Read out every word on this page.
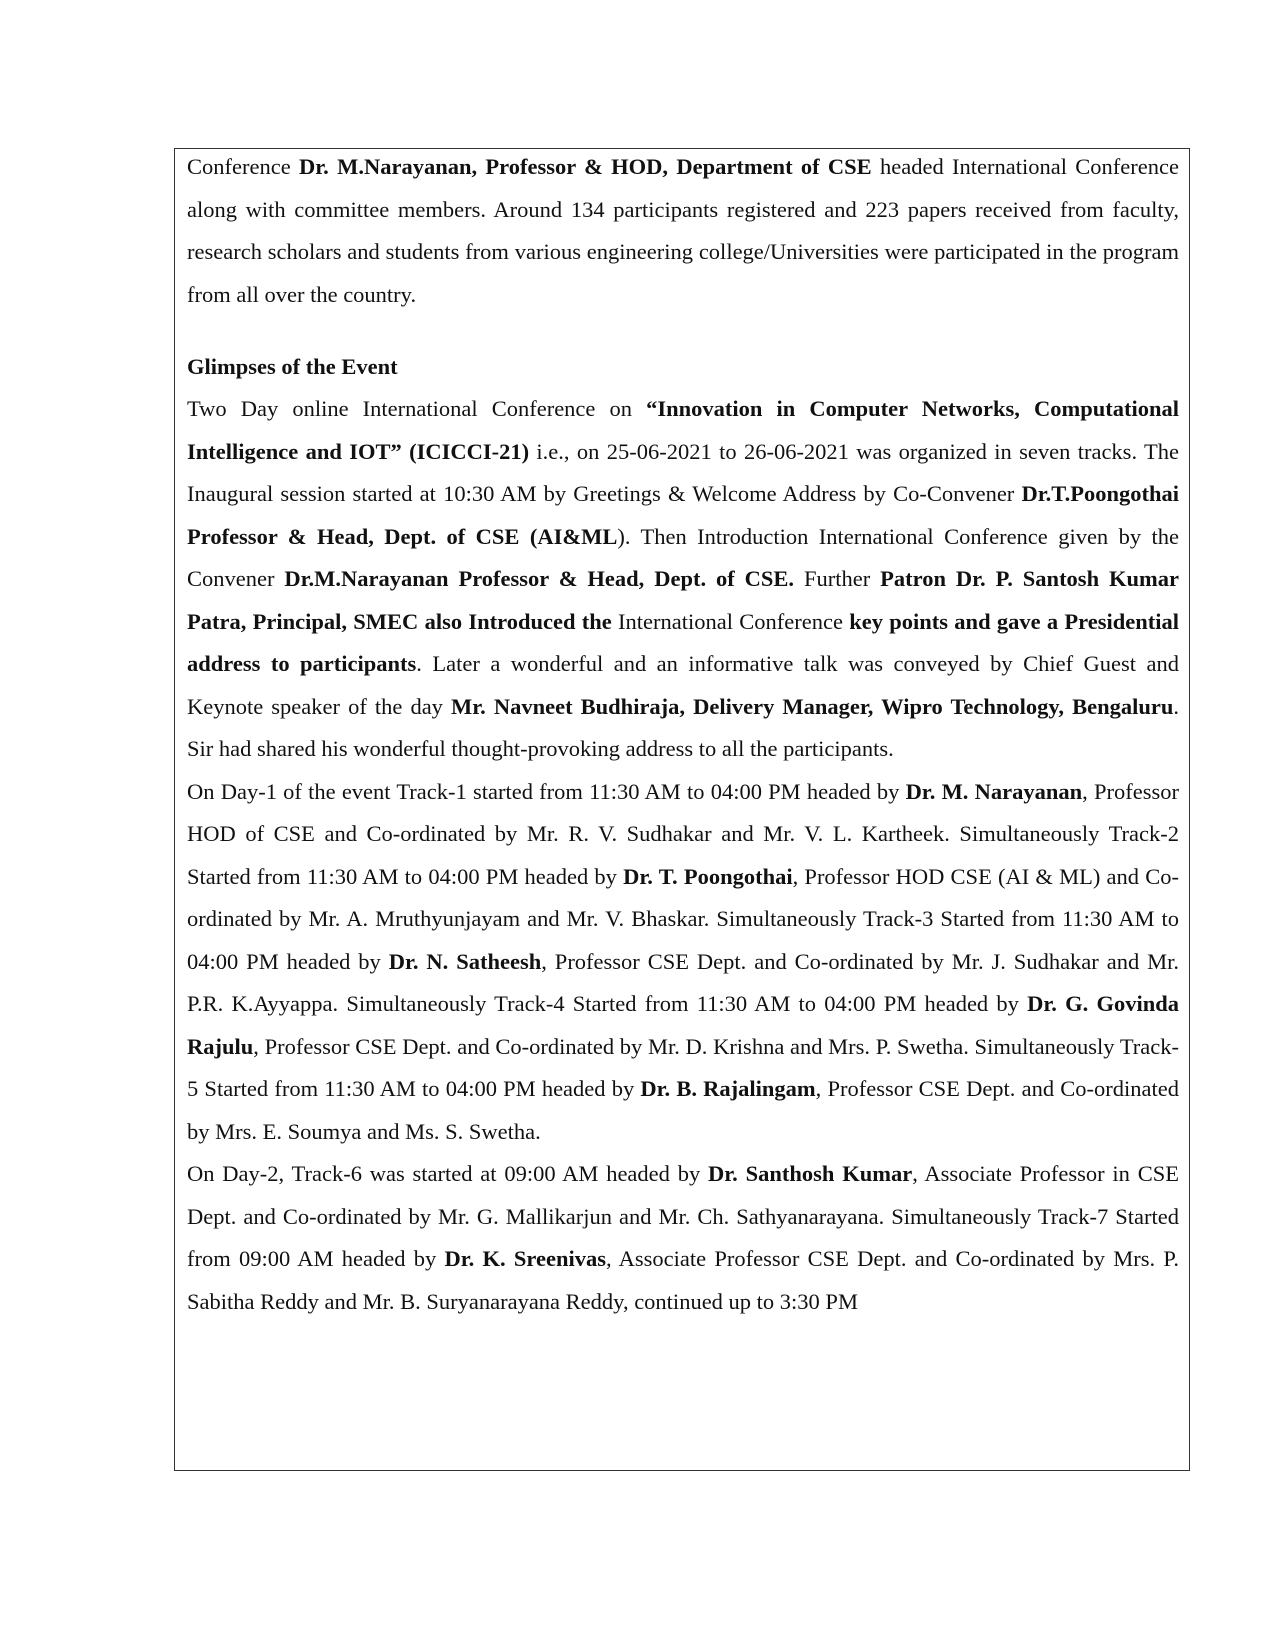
Conference Dr. M.Narayanan, Professor & HOD, Department of CSE headed International Conference along with committee members. Around 134 participants registered and 223 papers received from faculty, research scholars and students from various engineering college/Universities were participated in the program from all over the country.

Glimpses of the Event

Two Day online International Conference on “Innovation in Computer Networks, Computational Intelligence and IOT” (ICICCI-21) i.e., on 25-06-2021 to 26-06-2021 was organized in seven tracks. The Inaugural session started at 10:30 AM by Greetings & Welcome Address by Co-Convener Dr.T.Poongothai Professor & Head, Dept. of CSE (AI&ML). Then Introduction International Conference given by the Convener Dr.M.Narayanan Professor & Head, Dept. of CSE. Further Patron Dr. P. Santosh Kumar Patra, Principal, SMEC also Introduced the International Conference key points and gave a Presidential address to participants. Later a wonderful and an informative talk was conveyed by Chief Guest and Keynote speaker of the day Mr. Navneet Budhiraja, Delivery Manager, Wipro Technology, Bengaluru. Sir had shared his wonderful thought-provoking address to all the participants.

On Day-1 of the event Track-1 started from 11:30 AM to 04:00 PM headed by Dr. M. Narayanan, Professor HOD of CSE and Co-ordinated by Mr. R. V. Sudhakar and Mr. V. L. Kartheek. Simultaneously Track-2 Started from 11:30 AM to 04:00 PM headed by Dr. T. Poongothai, Professor HOD CSE (AI & ML) and Co-ordinated by Mr. A. Mruthyunjayam and Mr. V. Bhaskar. Simultaneously Track-3 Started from 11:30 AM to 04:00 PM headed by Dr. N. Satheesh, Professor CSE Dept. and Co-ordinated by Mr. J. Sudhakar and Mr. P.R. K.Ayyappa. Simultaneously Track-4 Started from 11:30 AM to 04:00 PM headed by Dr. G. Govinda Rajulu, Professor CSE Dept. and Co-ordinated by Mr. D. Krishna and Mrs. P. Swetha. Simultaneously Track-5 Started from 11:30 AM to 04:00 PM headed by Dr. B. Rajalingam, Professor CSE Dept. and Co-ordinated by Mrs. E. Soumya and Ms. S. Swetha.

On Day-2, Track-6 was started at 09:00 AM headed by Dr. Santhosh Kumar, Associate Professor in CSE Dept. and Co-ordinated by Mr. G. Mallikarjun and Mr. Ch. Sathyanarayana. Simultaneously Track-7 Started from 09:00 AM headed by Dr. K. Sreenivas, Associate Professor CSE Dept. and Co-ordinated by Mrs. P. Sabitha Reddy and Mr. B. Suryanarayana Reddy, continued up to 3:30 PM
